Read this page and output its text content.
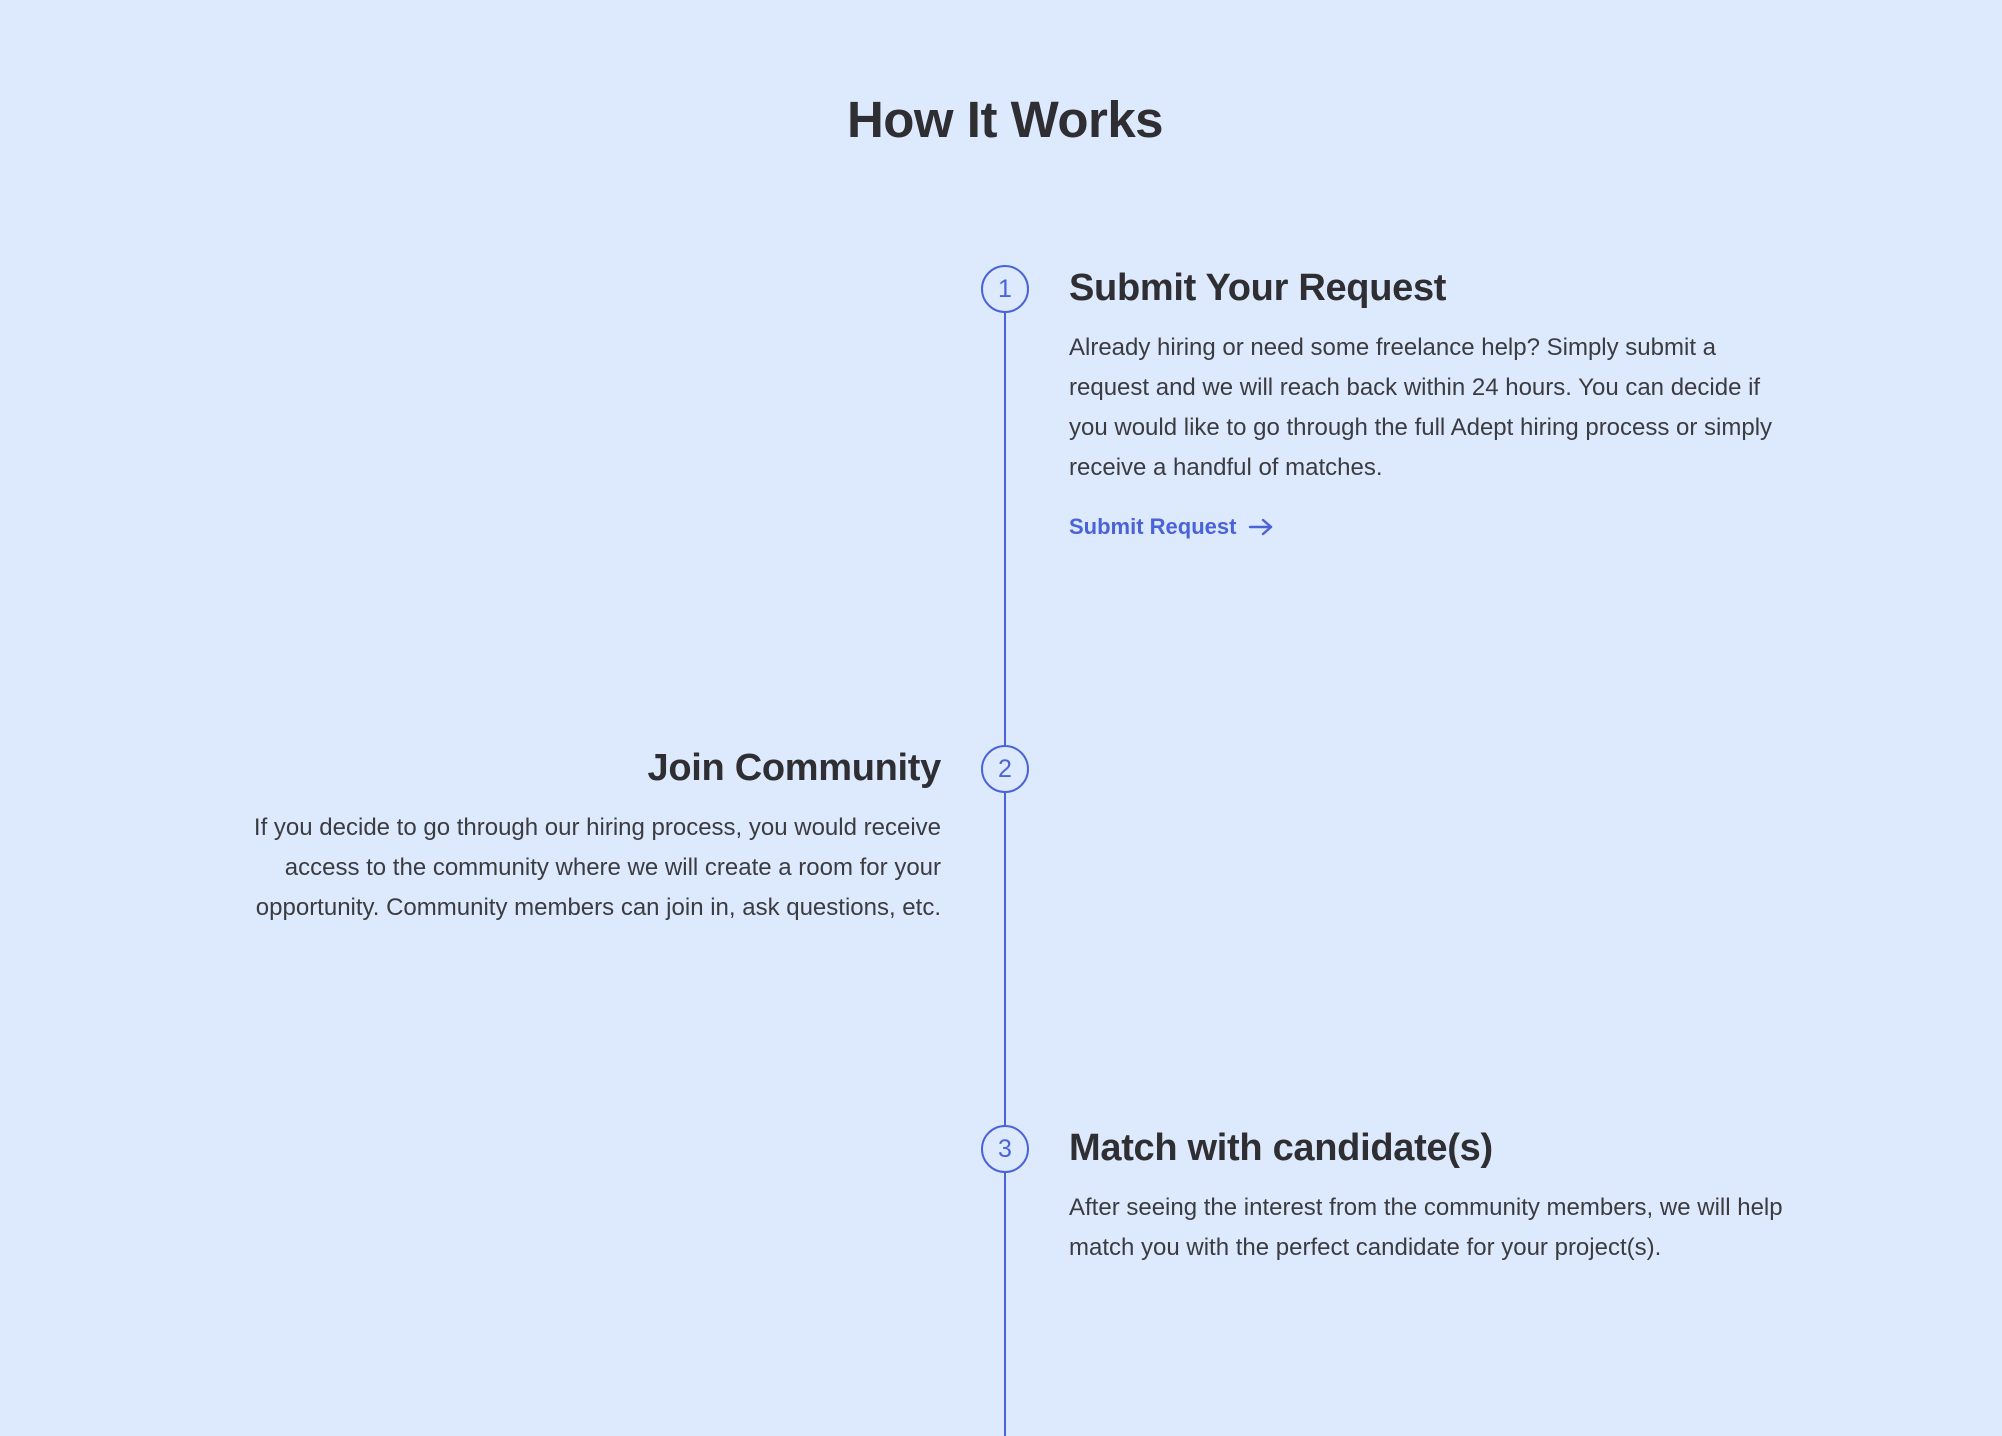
How It Works
1	Submit Your Request

Already hiring or need some freelance help? Simply submit a request and we will reach back within 24 hours. You can decide if you would like to go through the full Adept hiring process or simply receive a handful of matches.

Submit Request
2
Join Community

If you decide to go through our hiring process, you would receive access to the community where we will create a room for your opportunity. Community members can join in, ask questions, etc.

3	Match with candidate(s)

After seeing the interest from the community members, we will help match you with the perfect candidate for your project(s).
